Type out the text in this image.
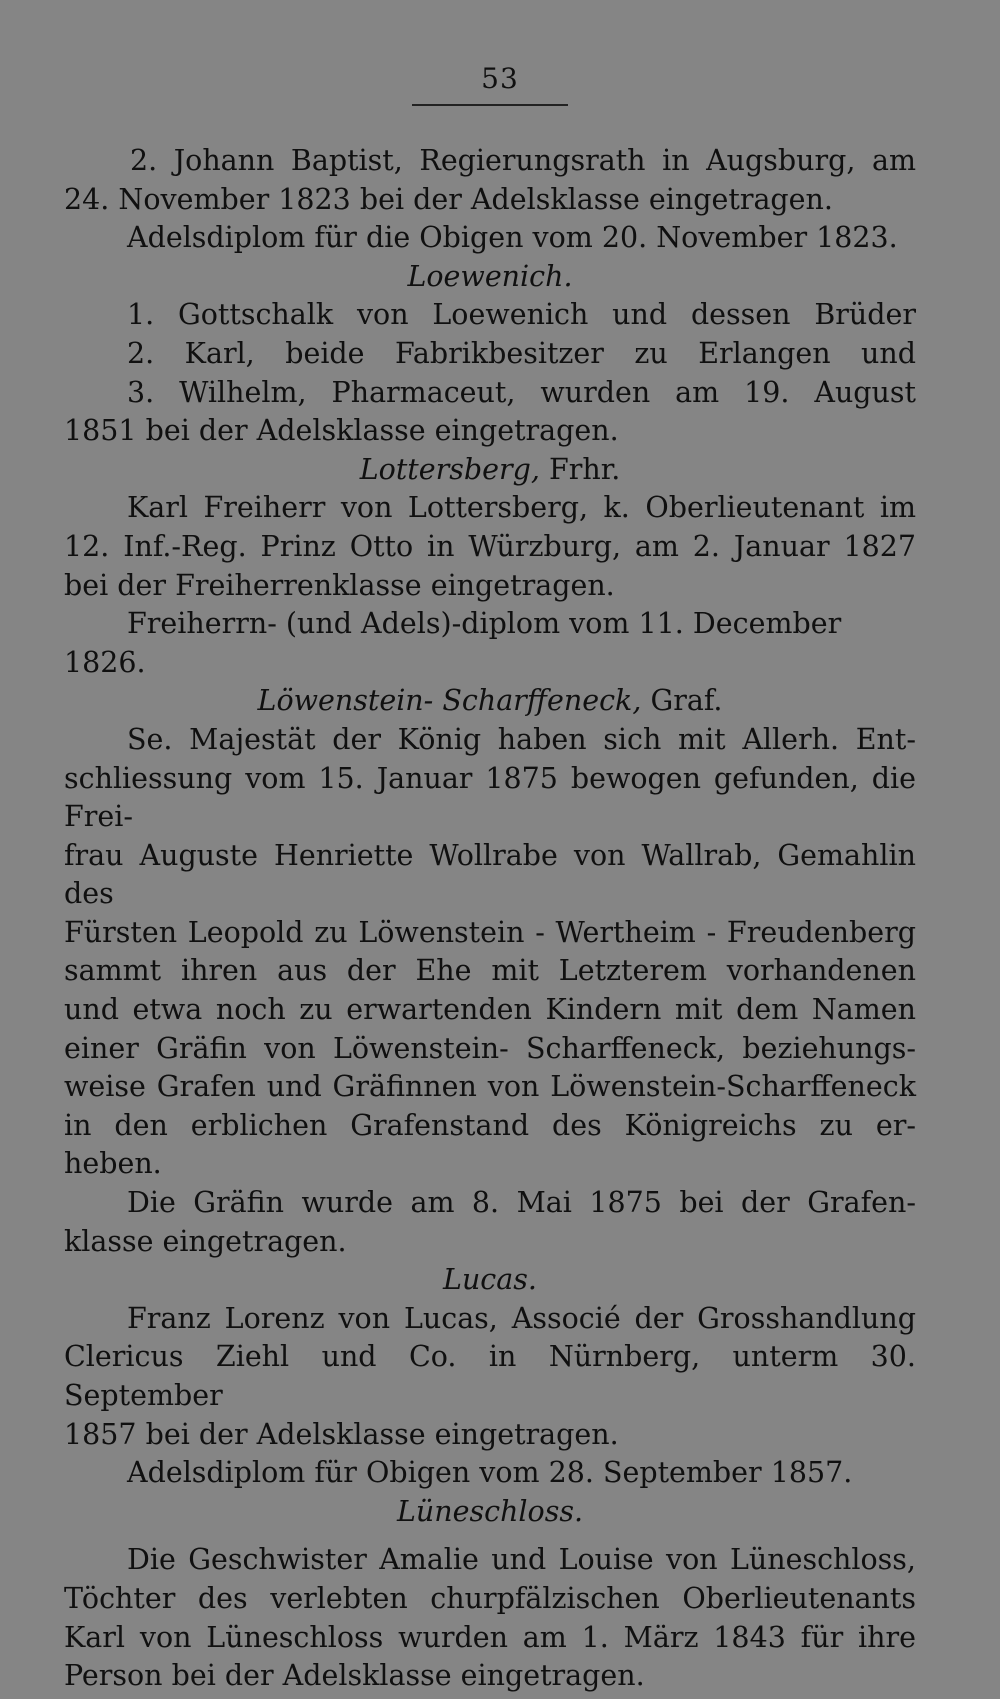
53

2. Johann Baptist, Regierungsrath in Augsburg, am

24. November 1823 bei der Adelsklasse eingetragen.

Adelsdiplom für die Obigen vom 20. November 1823.

Loewenich.

1. Gottschalk von Loewenich und dessen Brüder

2. Karl, beide Fabrikbesitzer zu Erlangen und

3. Wilhelm, Pharmaceut, wurden am 19. August

1851 bei der Adelsklasse eingetragen.

Lottersberg, Frhr.

Karl Freiherr von Lottersberg, k. Oberlieutenant im

12. Inf.-Reg. Prinz Otto in Würzburg, am 2. Januar 1827

bei der Freiherrenklasse eingetragen.

Freiherrn- (und Adels)-diplom vom 11. December 1826.

Löwenstein- Scharffeneck, Graf.

Se. Majestät der König haben sich mit Allerh. Ent-

schliessung vom 15. Januar 1875 bewogen gefunden, die Frei-

frau Auguste Henriette Wollrabe von Wallrab, Gemahlin des

Fürsten Leopold zu Löwenstein - Wertheim - Freudenberg

sammt ihren aus der Ehe mit Letzterem vorhandenen

und etwa noch zu erwartenden Kindern mit dem Namen

einer Gräfin von Löwenstein- Scharffeneck, beziehungs-

weise Grafen und Gräfinnen von Löwenstein-Scharffeneck

in den erblichen Grafenstand des Königreichs zu er-

heben.

Die Gräfin wurde am 8. Mai 1875 bei der Grafen-

klasse eingetragen.

Lucas.

Franz Lorenz von Lucas, Associé der Grosshandlung

Clericus Ziehl und Co. in Nürnberg, unterm 30. September

1857 bei der Adelsklasse eingetragen.

Adelsdiplom für Obigen vom 28. September 1857.

Lüneschloss.

Die Geschwister Amalie und Louise von Lüneschloss,

Töchter des verlebten churpfälzischen Oberlieutenants

Karl von Lüneschloss wurden am 1. März 1843 für ihre

Person bei der Adelsklasse eingetragen.
